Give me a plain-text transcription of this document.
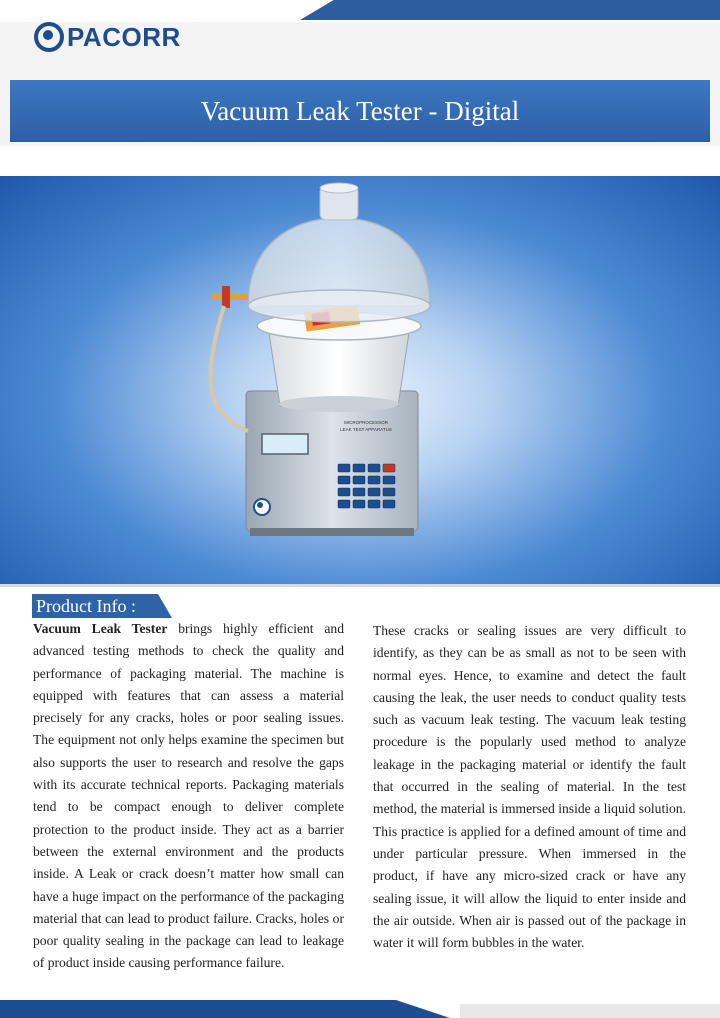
PACORR
Vacuum Leak Tester - Digital
MICROPROCESSOR
LEAK TEST APPARATUS
Product Info :

Vacuum Leak Tester brings highly efficient and advanced testing methods to check the quality and performance of packaging material. The machine is equipped with features that can assess a material precisely for any cracks, holes or poor sealing issues. The equipment not only helps examine the specimen but also supports the user to research and resolve the gaps with its accurate technical reports. Packaging materials tend to be compact enough to deliver complete protection to the product inside. They act as a barrier between the external environment and the products inside. A Leak or crack doesn’t matter how small can have a huge impact on the performance of the packaging material that can lead to product failure. Cracks, holes or poor quality sealing in the package can lead to leakage of product inside causing performance failure.

These cracks or sealing issues are very difficult to identify, as they can be as small as not to be seen with normal eyes. Hence, to examine and detect the fault causing the leak, the user needs to conduct quality tests such as vacuum leak testing. The vacuum leak testing procedure is the popularly used method to analyze leakage in the packaging material or identify the fault that occurred in the sealing of material. In the test method, the material is immersed inside a liquid solution. This practice is applied for a defined amount of time and under particular pressure. When immersed in the product, if have any micro-sized crack or have any sealing issue, it will allow the liquid to enter inside and the air outside. When air is passed out of the package in water it will form bubbles in the water.
